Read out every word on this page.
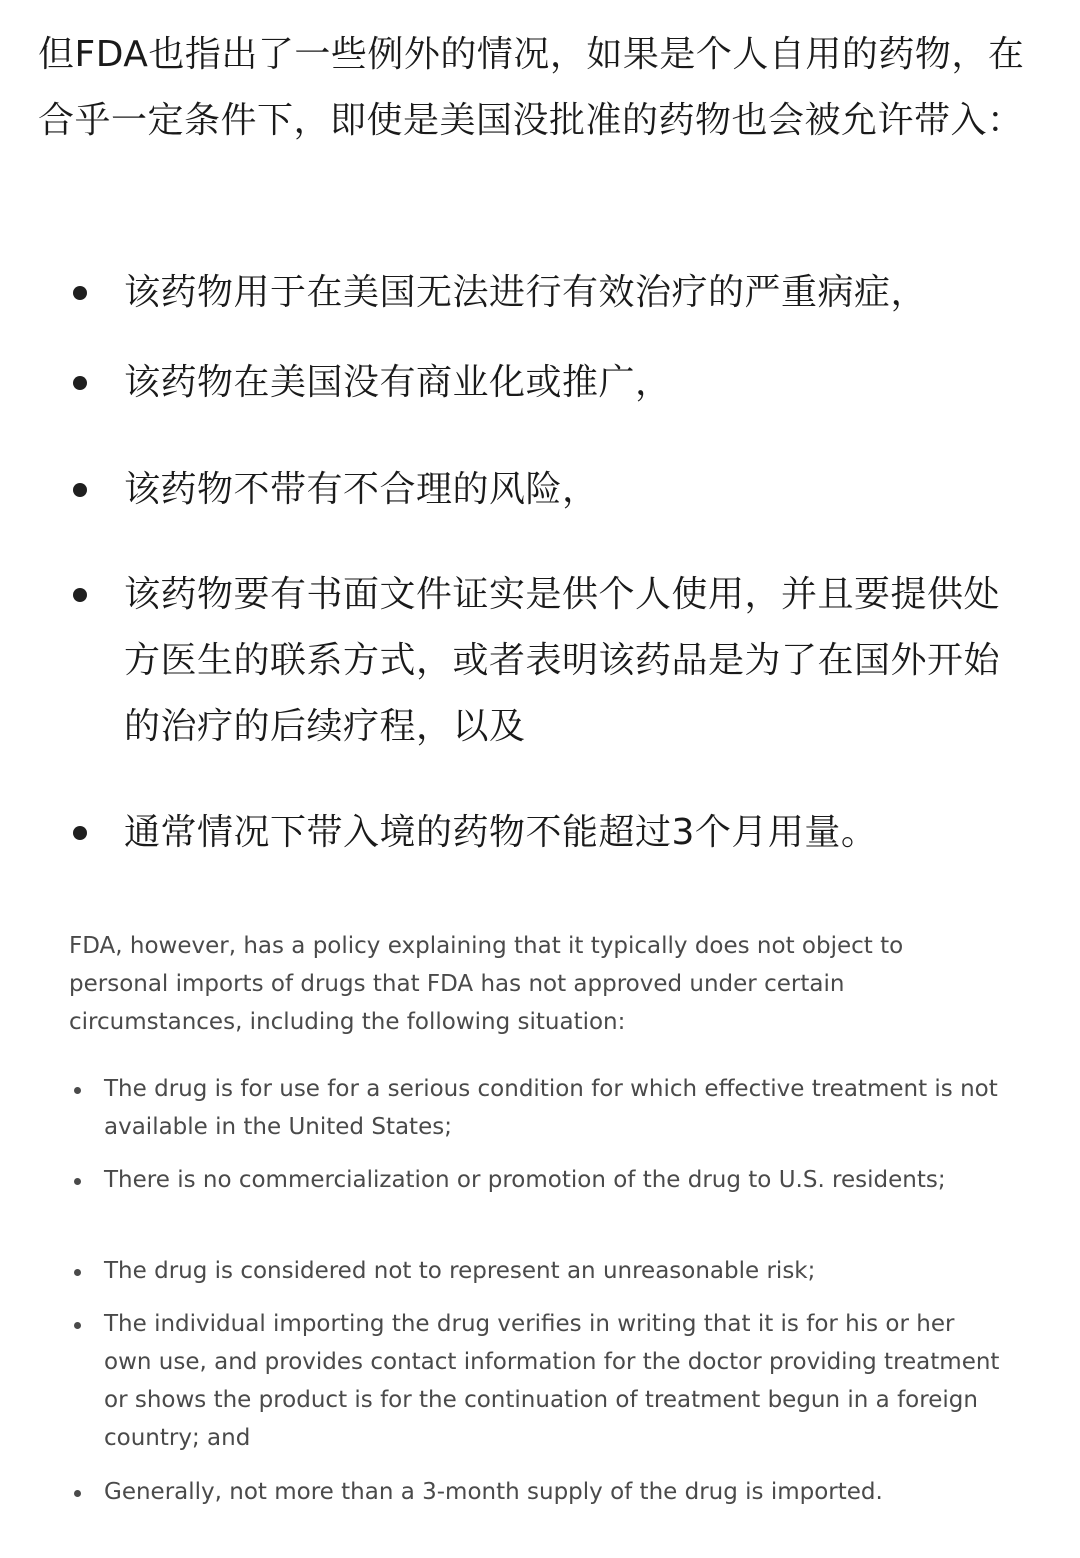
但FDA也指出了一些例外的情况，如果是个人自用的药物，在合乎一定条件下，即使是美国没批准的药物也会被允许带入：

该药物用于在美国无法进行有效治疗的严重病症，
该药物在美国没有商业化或推广，
该药物不带有不合理的风险，
该药物要有书面文件证实是供个人使用，并且要提供处方医生的联系方式，或者表明该药品是为了在国外开始的治疗的后续疗程，以及
通常情况下带入境的药物不能超过3个月用量。

FDA, however, has a policy explaining that it typically does not object to personal imports of drugs that FDA has not approved under certain circumstances, including the following situation:

The drug is for use for a serious condition for which effective treatment is not available in the United States;
There is no commercialization or promotion of the drug to U.S. residents;
The drug is considered not to represent an unreasonable risk;
The individual importing the drug verifies in writing that it is for his or her own use, and provides contact information for the doctor providing treatment or shows the product is for the continuation of treatment begun in a foreign country; and
Generally, not more than a 3-month supply of the drug is imported.
